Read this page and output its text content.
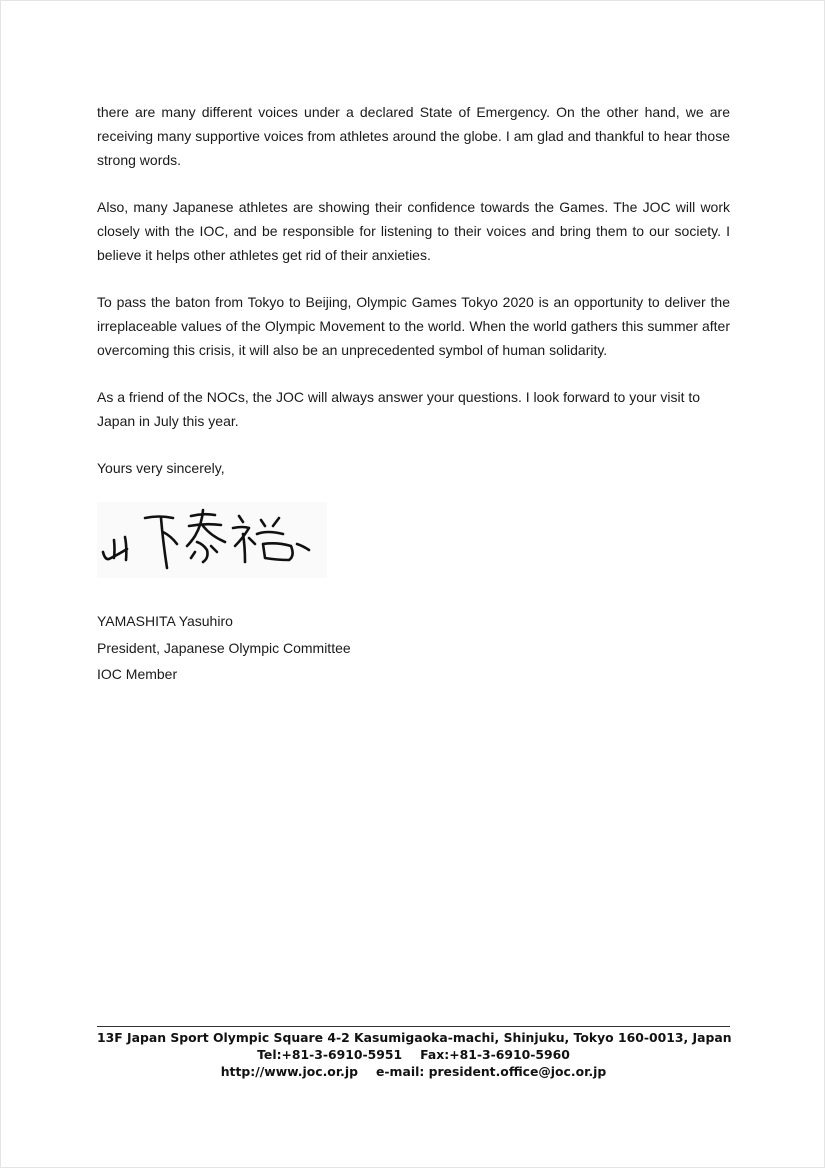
there are many different voices under a declared State of Emergency. On the other hand, we are receiving many supportive voices from athletes around the globe. I am glad and thankful to hear those strong words.

Also, many Japanese athletes are showing their confidence towards the Games. The JOC will work closely with the IOC, and be responsible for listening to their voices and bring them to our society. I believe it helps other athletes get rid of their anxieties.

To pass the baton from Tokyo to Beijing, Olympic Games Tokyo 2020 is an opportunity to deliver the irreplaceable values of the Olympic Movement to the world. When the world gathers this summer after overcoming this crisis, it will also be an unprecedented symbol of human solidarity.

As a friend of the NOCs, the JOC will always answer your questions. I look forward to your visit to Japan in July this year.

Yours very sincerely,
YAMASHITA Yasuhiro
President, Japanese Olympic Committee
IOC Member
13F Japan Sport Olympic Square 4-2 Kasumigaoka-machi, Shinjuku, Tokyo 160-0013, Japan
Tel:+81-3-6910-5951 Fax:+81-3-6910-5960
http://www.joc.or.jp e-mail: president.office@joc.or.jp
